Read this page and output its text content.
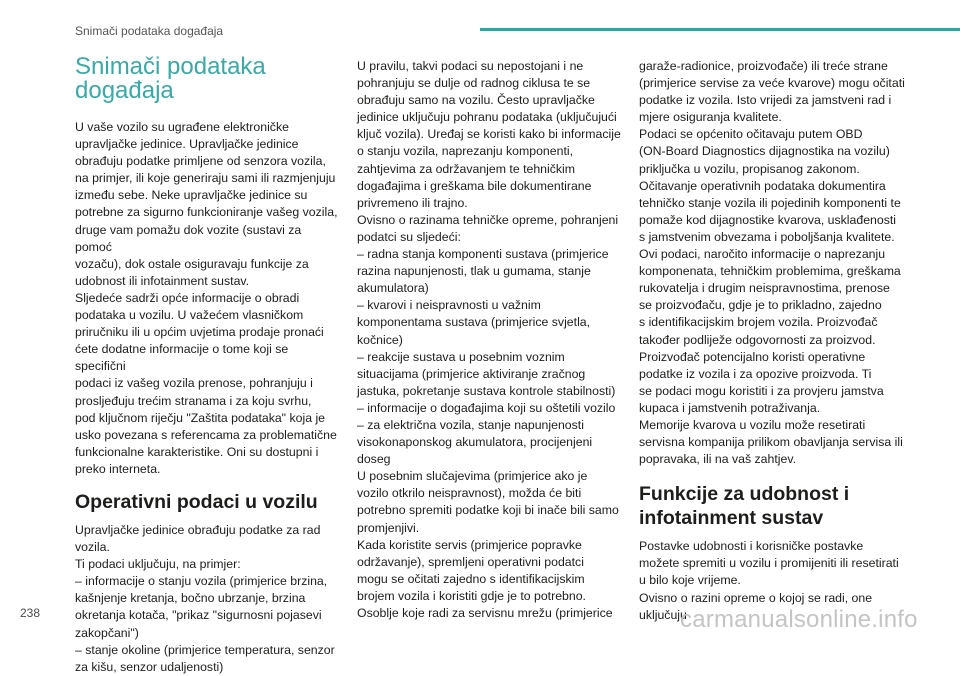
Snimači podataka događaja
Snimači podataka
događaja

U vaše vozilo su ugrađene elektroničke
upravljačke jedinice. Upravljačke jedinice
obrađuju podatke primljene od senzora vozila,
na primjer, ili koje generiraju sami ili razmjenjuju
između sebe. Neke upravljačke jedinice su
potrebne za sigurno funkcioniranje vašeg vozila,
druge vam pomažu dok vozite (sustavi za pomoć
vozaču), dok ostale osiguravaju funkcije za
udobnost ili infotainment sustav.
Sljedeće sadrži opće informacije o obradi
podataka u vozilu. U važećem vlasničkom
priručniku ili u općim uvjetima prodaje pronaći
ćete dodatne informacije o tome koji se specifični
podaci iz vašeg vozila prenose, pohranjuju i
prosljeđuju trećim stranama i za koju svrhu,
pod ključnom riječju "Zaštita podataka" koja je
usko povezana s referencama za problematične
funkcionalne karakteristike. Oni su dostupni i
preko interneta.

Operativni podaci u vozilu

Upravljačke jedinice obrađuju podatke za rad
vozila.
Ti podaci uključuju, na primjer:
– informacije o stanju vozila (primjerice brzina,
kašnjenje kretanja, bočno ubrzanje, brzina
okretanja kotača, "prikaz "sigurnosni pojasevi
zakopčani")
– stanje okoline (primjerice temperatura, senzor
za kišu, senzor udaljenosti)

U pravilu, takvi podaci su nepostojani i ne
pohranjuju se dulje od radnog ciklusa te se
obrađuju samo na vozilu. Često upravljačke
jedinice uključuju pohranu podataka (uključujući
ključ vozila). Uređaj se koristi kako bi informacije
o stanju vozila, naprezanju komponenti,
zahtjevima za održavanjem te tehničkim
događajima i greškama bile dokumentirane
privremeno ili trajno.
Ovisno o razinama tehničke opreme, pohranjeni
podatci su sljedeći:
– radna stanja komponenti sustava (primjerice
razina napunjenosti, tlak u gumama, stanje
akumulatora)
– kvarovi i neispravnosti u važnim
komponentama sustava (primjerice svjetla,
kočnice)
– reakcije sustava u posebnim voznim
situacijama (primjerice aktiviranje zračnog
jastuka, pokretanje sustava kontrole stabilnosti)
– informacije o događajima koji su oštetili vozilo
– za električna vozila, stanje napunjenosti
visokonaponskog akumulatora, procijenjeni
doseg
U posebnim slučajevima (primjerice ako je
vozilo otkrilo neispravnost), možda će biti
potrebno spremiti podatke koji bi inače bili samo
promjenjivi.
Kada koristite servis (primjerice popravke
održavanje), spremljeni operativni podatci
mogu se očitati zajedno s identifikacijskim
brojem vozila i koristiti gdje je to potrebno.
Osoblje koje radi za servisnu mrežu (primjerice

garaže-radionice, proizvođače) ili treće strane
(primjerice servise za veće kvarove) mogu očitati
podatke iz vozila. Isto vrijedi za jamstveni rad i
mjere osiguranja kvalitete.
Podaci se općenito očitavaju putem OBD
(ON-Board Diagnostics dijagnostika na vozilu)
priključka u vozilu, propisanog zakonom.
Očitavanje operativnih podataka dokumentira
tehničko stanje vozila ili pojedinih komponenti te
pomaže kod dijagnostike kvarova, usklađenosti
s jamstvenim obvezama i poboljšanja kvalitete.
Ovi podaci, naročito informacije o naprezanju
komponenata, tehničkim problemima, greškama
rukovatelja i drugim neispravnostima, prenose
se proizvođaču, gdje je to prikladno, zajedno
s identifikacijskim brojem vozila. Proizvođač
također podliježe odgovornosti za proizvod.
Proizvođač potencijalno koristi operativne
podatke iz vozila i za opozive proizvoda. Ti
se podaci mogu koristiti i za provjeru jamstva
kupaca i jamstvenih potraživanja.
Memorije kvarova u vozilu može resetirati
servisna kompanija prilikom obavljanja servisa ili
popravaka, ili na vaš zahtjev.

Funkcije za udobnost i
infotainment sustav

Postavke udobnosti i korisničke postavke
možete spremiti u vozilu i promijeniti ili resetirati
u bilo koje vrijeme.
Ovisno o razini opreme o kojoj se radi, one
uključuju

238	carmanualsonline.info
